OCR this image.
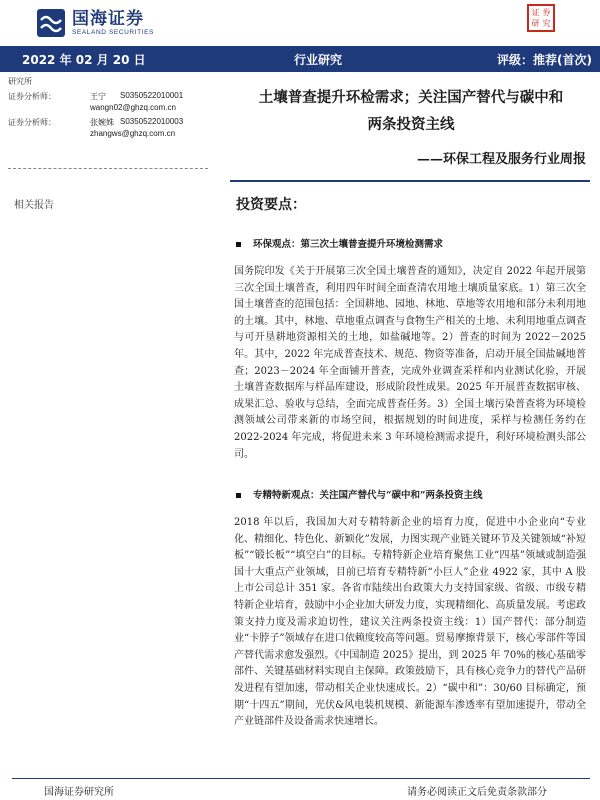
国海证券
SEALAND SECURITIES
证 券
研 究
2022 年 02 月 20 日	行业研究	评级：推荐(首次)
研究所
证券分析师：	王宁 S0350522010001
wangn02@ghzq.com.cn
证券分析师：	张婉姝 S0350522010003
zhangws@ghzq.com.cn
相关报告
土壤普查提升环检需求；关注国产替代与碳中和
两条投资主线
——环保工程及服务行业周报
投资要点：
环保观点：第三次土壤普查提升环境检测需求

国务院印发《关于开展第三次全国土壤普查的通知》，决定自 2022 年起开展第三次全国土壤普查，利用四年时间全面查清农用地土壤质量家底。1）第三次全国土壤普查的范围包括：全国耕地、园地、林地、草地等农用地和部分未利用地的土壤。其中，林地、草地重点调查与食物生产相关的土地、未利用地重点调查与可开垦耕地资源相关的土地，如盐碱地等。2）普查的时间为 2022－2025 年。其中，2022 年完成普查技术、规范、物资等准备，启动开展全国盐碱地普查；2023－2024 年全面铺开普查，完成外业调查采样和内业测试化验，开展土壤普查数据库与样品库建设，形成阶段性成果。2025 年开展普查数据审核、成果汇总、验收与总结，全面完成普查任务。3）全国土壤污染普查将为环境检测领域公司带来新的市场空间，根据规划的时间进度，采样与检测任务约在 2022-2024 年完成，将促进未来 3 年环境检测需求提升，利好环境检测头部公司。

专精特新观点：关注国产替代与“碳中和”两条投资主线

2018 年以后，我国加大对专精特新企业的培育力度，促进中小企业向“专业化、精细化、特色化、新颖化”发展，力图实现产业链关键环节及关键领域“补短板”“锻长板”“填空白”的目标。专精特新企业培育聚焦工业“四基”领域或制造强国十大重点产业领域，目前已培育专精特新“小巨人”企业 4922 家，其中 A 股上市公司总计 351 家。各省市陆续出台政策大力支持国家级、省级、市级专精特新企业培育，鼓励中小企业加大研发力度，实现精细化、高质量发展。考虑政策支持力度及需求迫切性，建议关注两条投资主线：1）国产替代：部分制造业“卡脖子”领域存在进口依赖度较高等问题。贸易摩擦背景下，核心零部件等国产替代需求愈发强烈。《中国制造 2025》提出，到 2025 年 70%的核心基础零部件、关键基础材料实现自主保障。政策鼓励下，具有核心竞争力的替代产品研发进程有望加速，带动相关企业快速成长。2）“碳中和”：30/60 目标确定，预期“十四五”期间，光伏&风电装机规模、新能源车渗透率有望加速提升，带动全产业链部件及设备需求快速增长。

国海证券研究所	请务必阅读正文后免责条款部分
